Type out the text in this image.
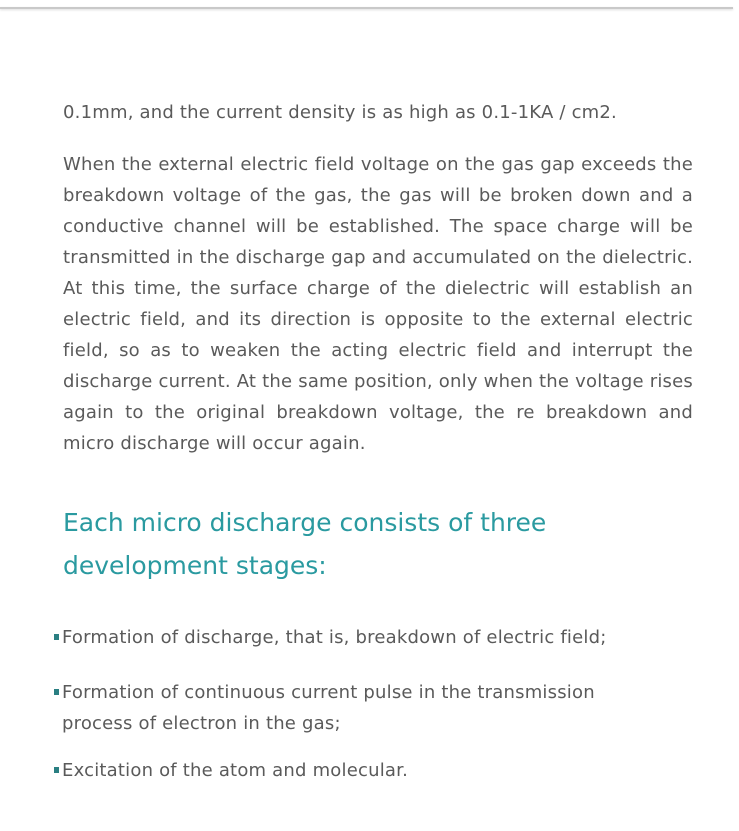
0.1mm, and the current density is as high as 0.1-1KA / cm2.

When the external electric field voltage on the gas gap exceeds the breakdown voltage of the gas, the gas will be broken down and a conductive channel will be established. The space charge will be transmitted in the discharge gap and accumulated on the dielectric. At this time, the surface charge of the dielectric will establish an electric field, and its direction is opposite to the external electric field, so as to weaken the acting electric field and interrupt the discharge current. At the same position, only when the voltage rises again to the original breakdown voltage, the re breakdown and micro discharge will occur again.

Each micro discharge consists of three development stages:
Formation of discharge, that is, breakdown of electric field;
Formation of continuous current pulse in the transmission process of electron in the gas;
Excitation of the atom and molecular.
